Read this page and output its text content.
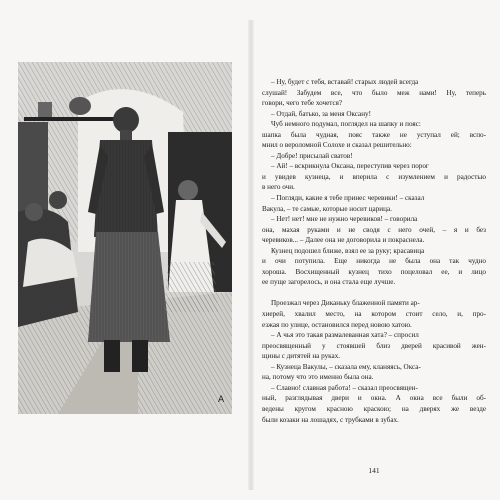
A
– Ну, будет с тебя, вставай! старых людей всегда
слушай! Забудем все, что было меж нами! Ну, теперь
говори, чего тебе хочется?
– Отдай, батько, за меня Оксану!
Чуб немного подумал, поглядел на шапку и пояс:
шапка была чудная, пояс также не уступал ей; вспо-
мнил о вероломной Солохе и сказал решительно:
– Добре! присылай сватов!
– Ай! – вскрикнула Оксана, переступив через порог
и увидев кузнеца, и вперила с изумлением и радостью
в него очи.
– Погляди, какие я тебе принес черевики! – сказал
Вакула, – те самые, которые носит царица.
– Нет! нет! мне не нужно черевиков! – говорила
она, махая руками и не сводя с него очей, – я и без
черевиков... – Далее она не договорила и покраснела.
Кузнец подошел ближе, взял ее за руку; красавица
и очи потупила. Еще никогда не была она так чудно
хороша. Восхищенный кузнец тихо поцеловал ее, и лицо
ее пуще загорелось, и она стала еще лучше.
Проезжал через Диканьку блаженной памяти ар-
хиерей, хвалил место, на котором стоит село, и, про-
езжая по улице, остановился перед новою хатою.
– А чья это такая размалеванная хата? – спросил
преосвященный у стоявшей близ дверей красивой жен-
щины с дитятей на руках.
– Кузнеца Вакулы, – сказала ему, кланяясь, Окса-
на, потому что это именно была она.
– Славно! славная работа! – сказал преосвящен-
ный, разглядывая двери и окна. А окна все были об-
ведены кругом красною краскою; на дверях же везде
были козаки на лошадях, с трубками в зубах.
141
